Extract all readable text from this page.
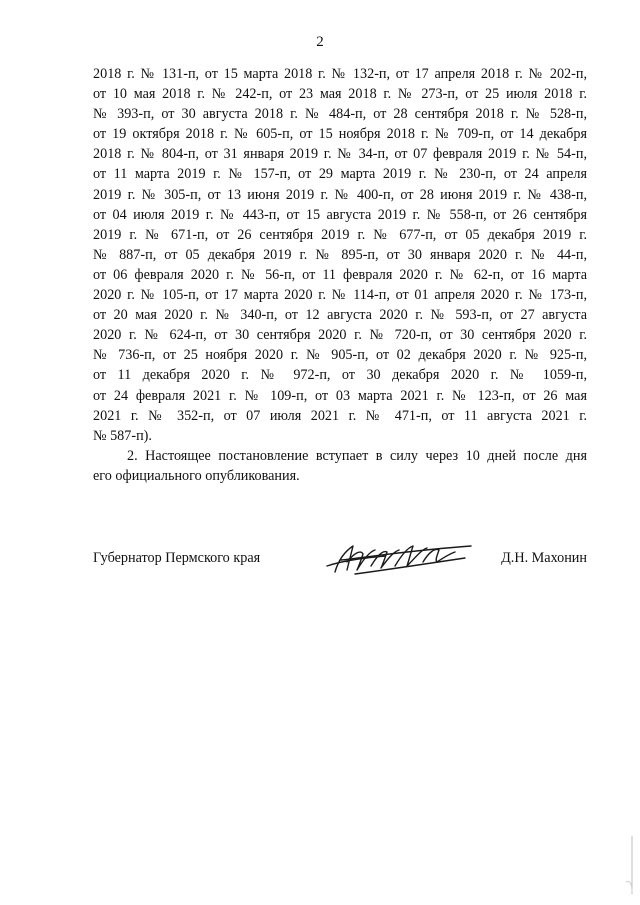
2
2018 г. № 131-п, от 15 марта 2018 г. № 132-п, от 17 апреля 2018 г. № 202-п,
от 10 мая 2018 г. № 242-п, от 23 мая 2018 г. № 273-п, от 25 июля 2018 г.
№ 393-п, от 30 августа 2018 г. № 484-п, от 28 сентября 2018 г. № 528-п,
от 19 октября 2018 г. № 605-п, от 15 ноября 2018 г. № 709-п, от 14 декабря
2018 г. № 804-п, от 31 января 2019 г. № 34-п, от 07 февраля 2019 г. № 54-п,
от 11 марта 2019 г. № 157-п, от 29 марта 2019 г. № 230-п, от 24 апреля
2019 г. № 305-п, от 13 июня 2019 г. № 400-п, от 28 июня 2019 г. № 438-п,
от 04 июля 2019 г. № 443-п, от 15 августа 2019 г. № 558-п, от 26 сентября
2019 г. № 671-п, от 26 сентября 2019 г. № 677-п, от 05 декабря 2019 г.
№ 887-п, от 05 декабря 2019 г. № 895-п, от 30 января 2020 г. № 44-п,
от 06 февраля 2020 г. № 56-п, от 11 февраля 2020 г. № 62-п, от 16 марта
2020 г. № 105-п, от 17 марта 2020 г. № 114-п, от 01 апреля 2020 г. № 173-п,
от 20 мая 2020 г. № 340-п, от 12 августа 2020 г. № 593-п, от 27 августа
2020 г. № 624-п, от 30 сентября 2020 г. № 720-п, от 30 сентября 2020 г.
№ 736-п, от 25 ноября 2020 г. № 905-п, от 02 декабря 2020 г. № 925-п,
от 11 декабря 2020 г. № 972-п, от 30 декабря 2020 г. № 1059-п,
от 24 февраля 2021 г. № 109-п, от 03 марта 2021 г. № 123-п, от 26 мая
2021 г. № 352-п, от 07 июля 2021 г. № 471-п, от 11 августа 2021 г.
№ 587-п).
2. Настоящее постановление вступает в силу через 10 дней после дня
его официального опубликования.
Губернатор Пермского края	Д.Н. Махонин
